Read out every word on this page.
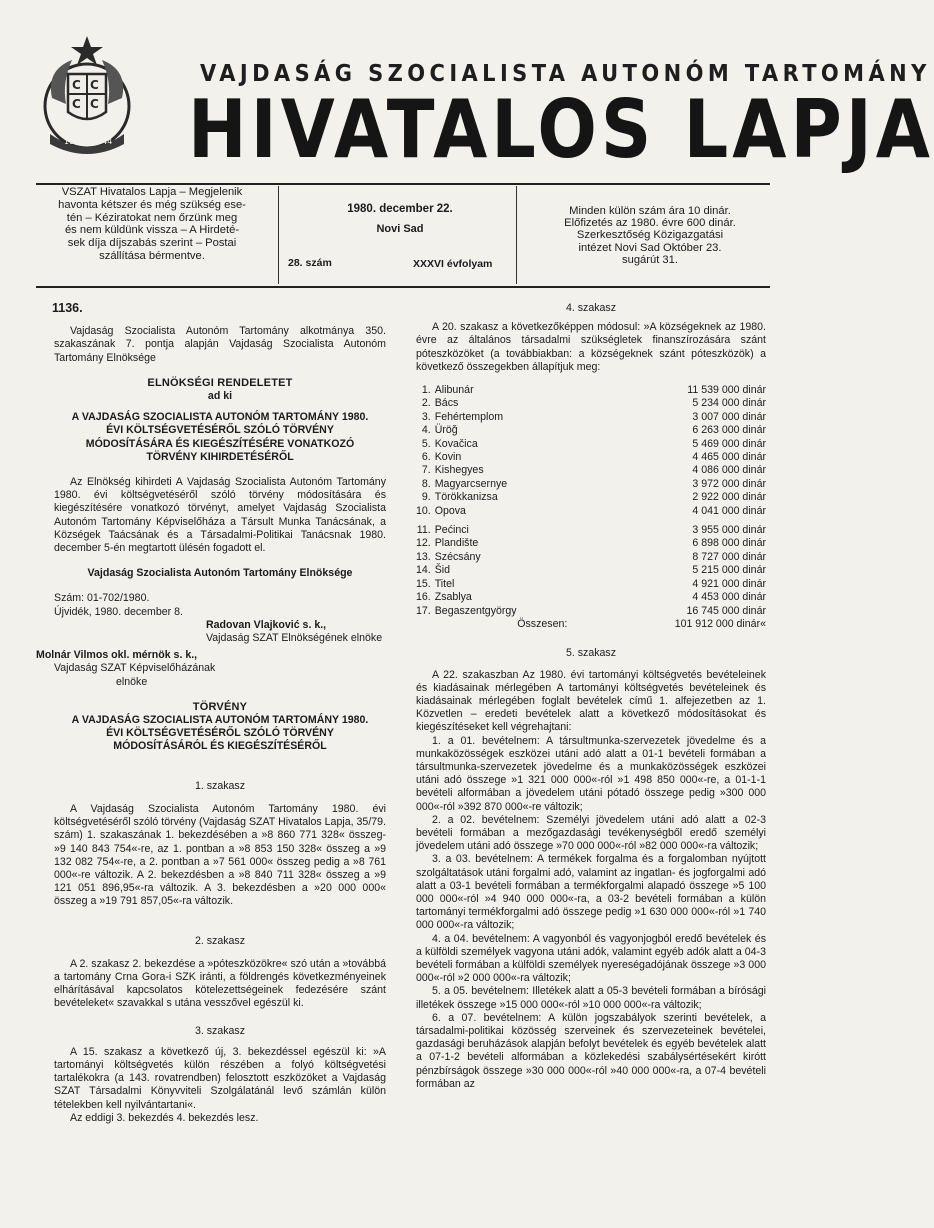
C C
C C
1941 1944
VAJDASÁG SZOCIALISTA AUTONÓM TARTOMÁNY
HIVATALOS LAPJA
VSZAT Hivatalos Lapja – Megjelenik
havonta kétszer és még szükség ese-
tén – Kéziratokat nem őrzünk meg
és nem küldünk vissza – A Hirdeté-
sek díja díjszabás szerint – Postai
szállítása bérmentve.
1980. december 22.
Novi Sad
28. szám	XXXVI évfolyam
Minden külön szám ára 10 dinár.
Előfizetés az 1980. évre 600 dinár.
Szerkesztőség Közigazgatási
intézet Novi Sad Október 23.
sugárút 31.
1136.

Vajdaság Szocialista Autonóm Tartomány alkotmánya 350. szakaszának 7. pontja alapján Vajdaság Szocialista Autonóm Tartomány Elnöksége

ELNÖKSÉGI RENDELETET
ad ki
A VAJDASÁG SZOCIALISTA AUTONÓM TARTOMÁNY 1980.
ÉVI KÖLTSÉGVETÉSÉRŐL SZÓLÓ TÖRVÉNY
MÓDOSÍTÁSÁRA ÉS KIEGÉSZÍTÉSÉRE VONATKOZÓ
TÖRVÉNY KIHIRDETÉSÉRŐL

Az Elnökség kihirdeti A Vajdaság Szocialista Autonóm Tartomány 1980. évi költségvetéséről szóló törvény módosítására és kiegészítésére vonatkozó törvényt, amelyet Vajdaság Szocialista Autonóm Tartomány Képviselőháza a Társult Munka Tanácsának, a Községek Taácsának és a Társadalmi-Politikai Tanácsnak 1980. december 5-én megtartott ülésén fogadott el.

Vajdaság Szocialista Autonóm Tartomány Elnöksége
Szám: 01-702/1980.
Újvidék, 1980. december 8.
Radovan Vlajković s. k.,
Vajdaság SZAT Elnökségének elnöke
Molnár Vilmos okl. mérnök s. k.,
Vajdaság SZAT Képviselőházának
elnöke
TÖRVÉNY
A VAJDASÁG SZOCIALISTA AUTONÓM TARTOMÁNY 1980.
ÉVI KÖLTSÉGVETÉSÉRŐL SZÓLÓ TÖRVÉNY
MÓDOSÍTÁSÁRÓL ÉS KIEGÉSZÍTÉSÉRŐL
1. szakasz

A Vajdaság Szocialista Autonóm Tartomány 1980. évi költségvetéséről szóló törvény (Vajdaság SZAT Hivatalos Lapja, 35/79. szám) 1. szakaszának 1. bekezdésében a »8 860 771 328« összeg- »9 140 843 754«-re, az 1. pontban a »8 853 150 328« összeg a »9 132 082 754«-re, a 2. pontban a »7 561 000« összeg pedig a »8 761 000«-re változik. A 2. bekezdésben a »8 840 711 328« összeg a »9 121 051 896,95«-ra változik. A 3. bekezdésben a »20 000 000« összeg a »19 791 857,05«-ra változik.

2. szakasz

A 2. szakasz 2. bekezdése a »póteszközökre« szó után a »továbbá a tartomány Crna Gora-i SZK iránti, a földrengés következményeinek elhárításával kapcsolatos kötelezettségeinek fedezésére szánt bevételeket« szavakkal s utána vesszővel egészül ki.

3. szakasz

A 15. szakasz a következő új, 3. bekezdéssel egészül ki: »A tartományi költségvetés külön részében a folyó költségvetési tartalékokra (a 143. rovatrendben) felosztott eszközöket a Vajdaság SZAT Társadalmi Könyvviteli Szolgálatánál levő számlán külön tételekben kell nyilvántartani«.

Az eddigi 3. bekezdés 4. bekezdés lesz.

4. szakasz

A 20. szakasz a következőképpen módosul: »A községeknek az 1980. évre az általános társadalmi szükségletek finanszírozására szánt póteszközöket (a továbbiakban: a községeknek szánt póteszközök) a következő összegekben állapítjuk meg:

1.	Alibunár	11 539 000 dinár
2.	Bács	5 234 000 dinár
3.	Fehértemplom	3 007 000 dinár
4.	Üröğ	6 263 000 dinár
5.	Kovačica	5 469 000 dinár
6.	Kovin	4 465 000 dinár
7.	Kishegyes	4 086 000 dinár
8.	Magyarcsernye	3 972 000 dinár
9.	Törökkanizsa	2 922 000 dinár
10.	Opova	4 041 000 dinár
11.	Pećinci	3 955 000 dinár
12.	Plandište	6 898 000 dinár
13.	Szécsány	8 727 000 dinár
14.	Šid	5 215 000 dinár
15.	Titel	4 921 000 dinár
16.	Zsablya	4 453 000 dinár
17.	Begaszentgyörgy	16 745 000 dinár
	Összesen:	101 912 000 dinár«
5. szakasz

A 22. szakaszban Az 1980. évi tartományi költségvetés bevételeinek és kiadásainak mérlegében A tartományi költségvetés bevételeinek és kiadásainak mérlegében foglalt bevételek című 1. alfejezetben az 1. Közvetlen – eredeti bevételek alatt a következő módosításokat és kiegészítéseket kell végrehajtani:

1. a 01. bevételnem: A társultmunka-szervezetek jövedelme és a munkaközösségek eszközei utáni adó alatt a 01-1 bevételi formában a társultmunka-szervezetek jövedelme és a munkaközösségek eszközei utáni adó összege »1 321 000 000«-ról »1 498 850 000«-re, a 01-1-1 bevételi alformában a jövedelem utáni pótadó összege pedig »300 000 000«-ról »392 870 000«-re változik;

2. a 02. bevételnem: Személyi jövedelem utáni adó alatt a 02-3 bevételi formában a mezőgazdasági tevékenységből eredő személyi jövedelem utáni adó összege »70 000 000«-ról »82 000 000«-ra változik;

3. a 03. bevételnem: A termékek forgalma és a forgalomban nyújtott szolgáltatások utáni forgalmi adó, valamint az ingatlan- és jogforgalmi adó alatt a 03-1 bevételi formában a termékforgalmi alapadó összege »5 100 000 000«-ról »4 940 000 000«-ra, a 03-2 bevételi formában a külön tartományi termékforgalmi adó összege pedig »1 630 000 000«-ról »1 740 000 000«-ra változik;

4. a 04. bevételnem: A vagyonból és vagyonjogból eredő bevételek és a külföldi személyek vagyona utáni adók, valamint egyéb adók alatt a 04-3 bevételi formában a külföldi személyek nyereségadójának összege »3 000 000«-ról »2 000 000«-ra változik;

5. a 05. bevételnem: Illetékek alatt a 05-3 bevételi formában a bírósági illetékek összege »15 000 000«-ról »10 000 000«-ra változik;

6. a 07. bevételnem: A külön jogszabályok szerinti bevételek, a társadalmi-politikai közösség szerveinek és szervezeteinek bevételei, gazdasági beruházások alapján befolyt bevételek és egyéb bevételek alatt a 07-1-2 bevételi alformában a közlekedési szabálysértésekért kirótt pénzbírságok összege »30 000 000«-ról »40 000 000«-ra, a 07-4 bevételi formában az
